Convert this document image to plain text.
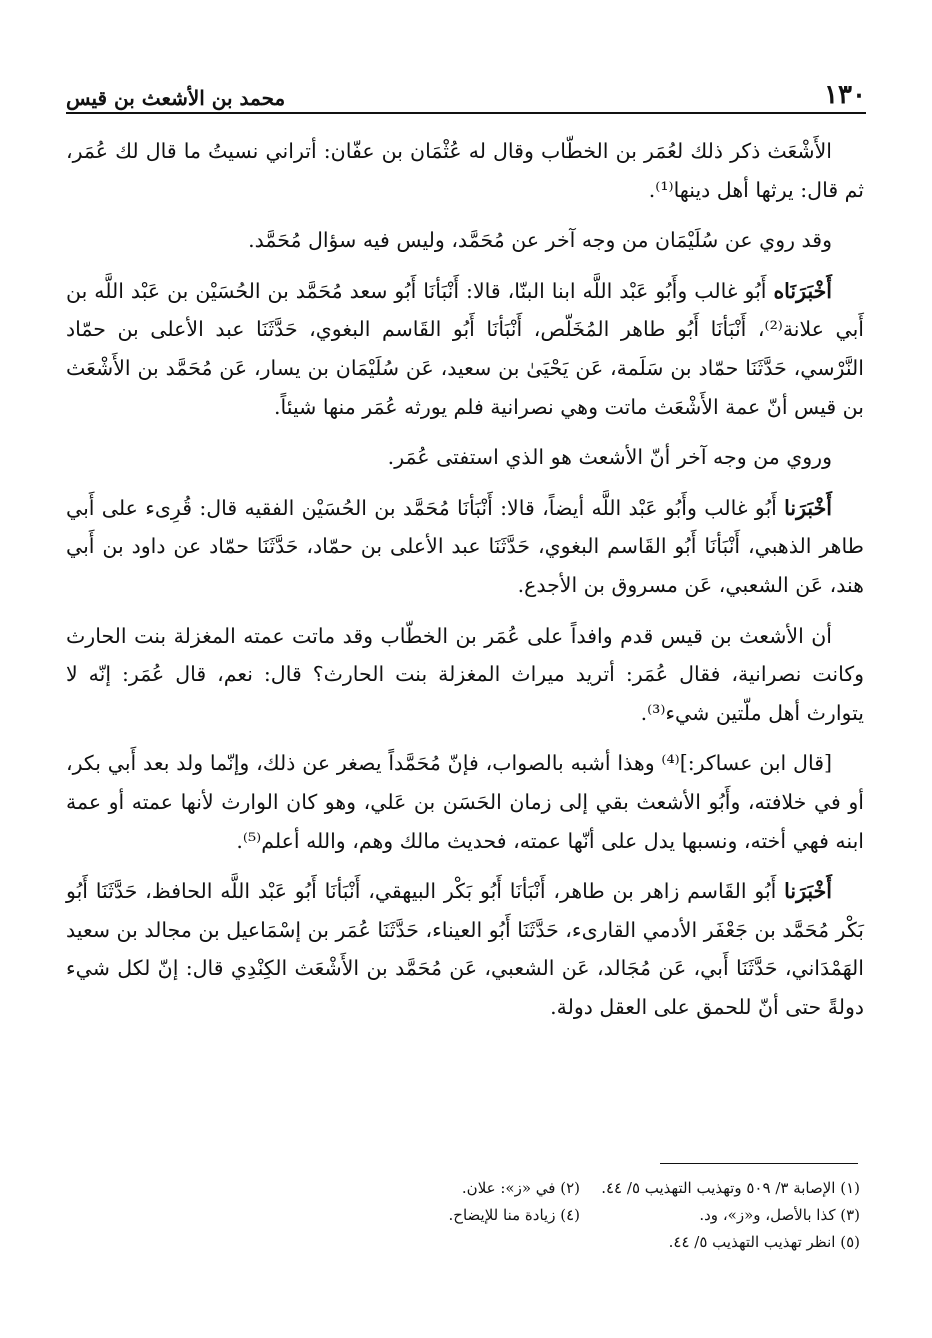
١٣٠
محمد بن الأشعث بن قيس

الأَشْعَث ذكر ذلك لعُمَر بن الخطّاب وقال له عُثْمَان بن عفّان: أتراني نسيتُ ما قال لك عُمَر، ثم قال: يرثها أهل دينها⁽¹⁾.

وقد روي عن سُلَيْمَان من وجه آخر عن مُحَمَّد، وليس فيه سؤال مُحَمَّد.

أَخْبَرَنَاه أَبُو غالب وأَبُو عَبْد اللَّه ابنا البنّا، قالا: أَنْبَأنَا أَبُو سعد مُحَمَّد بن الحُسَيْن بن عَبْد اللَّه بن أَبي علانة⁽²⁾، أَنْبَأنَا أَبُو طاهر المُخَلّص، أَنْبَأنَا أَبُو القَاسم البغوي، حَدَّثَنَا عبد الأعلى بن حمّاد النَّرْسي، حَدَّثَنَا حمّاد بن سَلَمة، عَن يَحْيَىٰ بن سعيد، عَن سُلَيْمَان بن يسار، عَن مُحَمَّد بن الأَشْعَث بن قيس أنّ عمة الأَشْعَث ماتت وهي نصرانية فلم يورثه عُمَر منها شيئاً.

وروي من وجه آخر أنّ الأشعث هو الذي استفتى عُمَر.

أَخْبَرَنا أَبُو غالب وأَبُو عَبْد اللَّه أيضاً، قالا: أَنْبَأنَا مُحَمَّد بن الحُسَيْن الفقيه قال: قُرِىء على أَبي طاهر الذهبي، أَنْبَأنَا أَبُو القَاسم البغوي، حَدَّثَنَا عبد الأعلى بن حمّاد، حَدَّثَنَا حمّاد عن داود بن أَبي هند، عَن الشعبي، عَن مسروق بن الأجدع.

أن الأشعث بن قيس قدم وافداً على عُمَر بن الخطّاب وقد ماتت عمته المغزلة بنت الحارث وكانت نصرانية، فقال عُمَر: أتريد ميراث المغزلة بنت الحارث؟ قال: نعم، قال عُمَر: إنّه لا يتوارث أهل ملّتين شيء⁽³⁾.

[قال ابن عساكر:]⁽⁴⁾ وهذا أشبه بالصواب، فإنّ مُحَمَّداً يصغر عن ذلك، وإنّما ولد بعد أَبي بكر، أو في خلافته، وأَبُو الأشعث بقي إلى زمان الحَسَن بن عَلي، وهو كان الوارث لأنها عمته أو عمة ابنه فهي أخته، ونسبها يدل على أنّها عمته، فحديث مالك وهم، والله أعلم⁽⁵⁾.

أَخْبَرَنا أَبُو القَاسم زاهر بن طاهر، أَنْبَأنَا أَبُو بَكْر البيهقي، أَنْبَأنَا أَبُو عَبْد اللَّه الحافظ، حَدَّثَنَا أَبُو بَكْر مُحَمَّد بن جَعْفَر الأدمي القارىء، حَدَّثَنَا أَبُو العيناء، حَدَّثَنَا عُمَر بن إسْمَاعيل بن مجالد بن سعيد الهَمْدَاني، حَدَّثَنَا أَبي، عَن مُجَالد، عَن الشعبي، عَن مُحَمَّد بن الأَشْعَث الكِنْدِي قال: إنّ لكل شيء دولةً حتى أنّ للحمق على العقل دولة.

(١) الإصابة ٣/ ٥٠٩ وتهذيب التهذيب ٥/ ٤٤.
(٢) في «ز»: علان.
(٣) كذا بالأصل، و«ز»، ود.
(٤) زيادة منا للإيضاح.
(٥) انظر تهذيب التهذيب ٥/ ٤٤.
